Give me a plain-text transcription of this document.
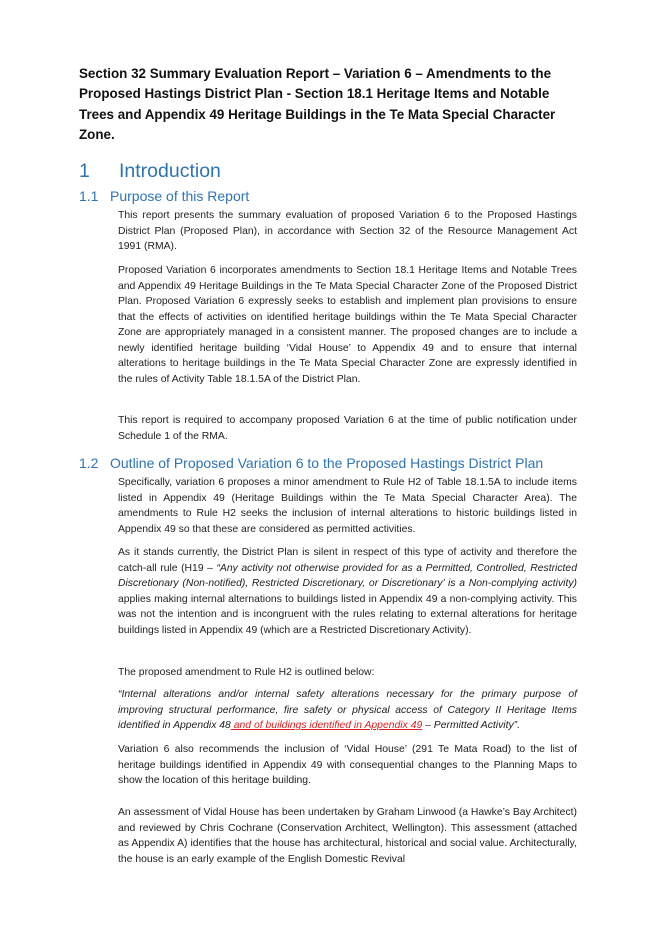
Section 32 Summary Evaluation Report – Variation 6 – Amendments to the Proposed Hastings District Plan - Section 18.1 Heritage Items and Notable Trees and Appendix 49 Heritage Buildings in the Te Mata Special Character Zone.
1 Introduction
1.1 Purpose of this Report
This report presents the summary evaluation of proposed Variation 6 to the Proposed Hastings District Plan (Proposed Plan), in accordance with Section 32 of the Resource Management Act 1991 (RMA).
Proposed Variation 6 incorporates amendments to Section 18.1 Heritage Items and Notable Trees and Appendix 49 Heritage Buildings in the Te Mata Special Character Zone of the Proposed District Plan. Proposed Variation 6 expressly seeks to establish and implement plan provisions to ensure that the effects of activities on identified heritage buildings within the Te Mata Special Character Zone are appropriately managed in a consistent manner. The proposed changes are to include a newly identified heritage building ‘Vidal House’ to Appendix 49 and to ensure that internal alterations to heritage buildings in the Te Mata Special Character Zone are expressly identified in the rules of Activity Table 18.1.5A of the District Plan.
This report is required to accompany proposed Variation 6 at the time of public notification under Schedule 1 of the RMA.
1.2 Outline of Proposed Variation 6 to the Proposed Hastings District Plan
Specifically, variation 6 proposes a minor amendment to Rule H2 of Table 18.1.5A to include items listed in Appendix 49 (Heritage Buildings within the Te Mata Special Character Area). The amendments to Rule H2 seeks the inclusion of internal alterations to historic buildings listed in Appendix 49 so that these are considered as permitted activities.
As it stands currently, the District Plan is silent in respect of this type of activity and therefore the catch-all rule (H19 – “Any activity not otherwise provided for as a Permitted, Controlled, Restricted Discretionary (Non-notified), Restricted Discretionary, or Discretionary’ is a Non-complying activity) applies making internal alternations to buildings listed in Appendix 49 a non-complying activity. This was not the intention and is incongruent with the rules relating to external alterations for heritage buildings listed in Appendix 49 (which are a Restricted Discretionary Activity).
The proposed amendment to Rule H2 is outlined below:
“Internal alterations and/or internal safety alterations necessary for the primary purpose of improving structural performance, fire safety or physical access of Category II Heritage Items identified in Appendix 48 and of buildings identified in Appendix 49 – Permitted Activity”.
Variation 6 also recommends the inclusion of ‘Vidal House’ (291 Te Mata Road) to the list of heritage buildings identified in Appendix 49 with consequential changes to the Planning Maps to show the location of this heritage building.
An assessment of Vidal House has been undertaken by Graham Linwood (a Hawke’s Bay Architect) and reviewed by Chris Cochrane (Conservation Architect, Wellington). This assessment (attached as Appendix A) identifies that the house has architectural, historical and social value. Architecturally, the house is an early example of the English Domestic Revival
